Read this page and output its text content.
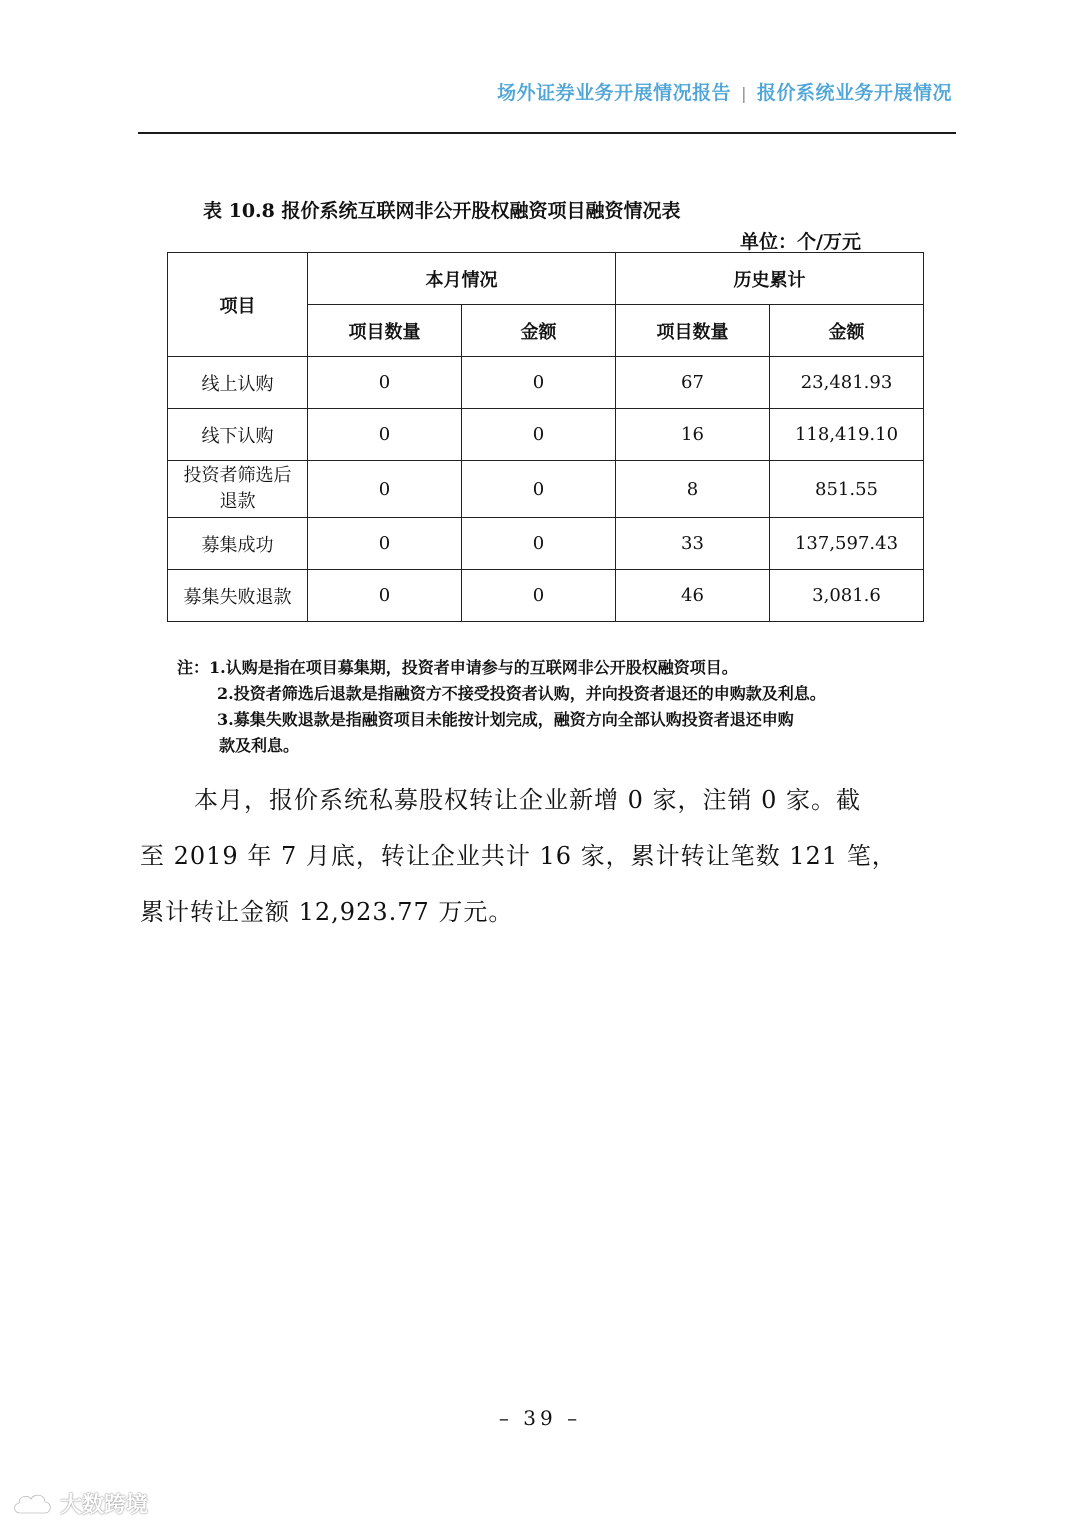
场外证券业务开展情况报告 | 报价系统业务开展情况
表 10.8 报价系统互联网非公开股权融资项目融资情况表
单位：个/万元
项目	本月情况		历史累计	
	项目数量	金额	项目数量	金额
线上认购	0	0	67	23,481.93
线下认购	0	0	16	118,419.10

投资者筛选后
退款	0	0	8	851.55
募集成功	0	0	33	137,597.43
募集失败退款	0	0	46	3,081.6
注：1.认购是指在项目募集期，投资者申请参与的互联网非公开股权融资项目。
2.投资者筛选后退款是指融资方不接受投资者认购，并向投资者退还的申购款及利息。
3.募集失败退款是指融资项目未能按计划完成，融资方向全部认购投资者退还申购
款及利息。

本月，报价系统私募股权转让企业新增 0 家，注销 0 家。截

至 2019 年 7 月底，转让企业共计 16 家，累计转让笔数 121 笔，

累计转让金额 12,923.77 万元。

– 39 –
大数跨境
